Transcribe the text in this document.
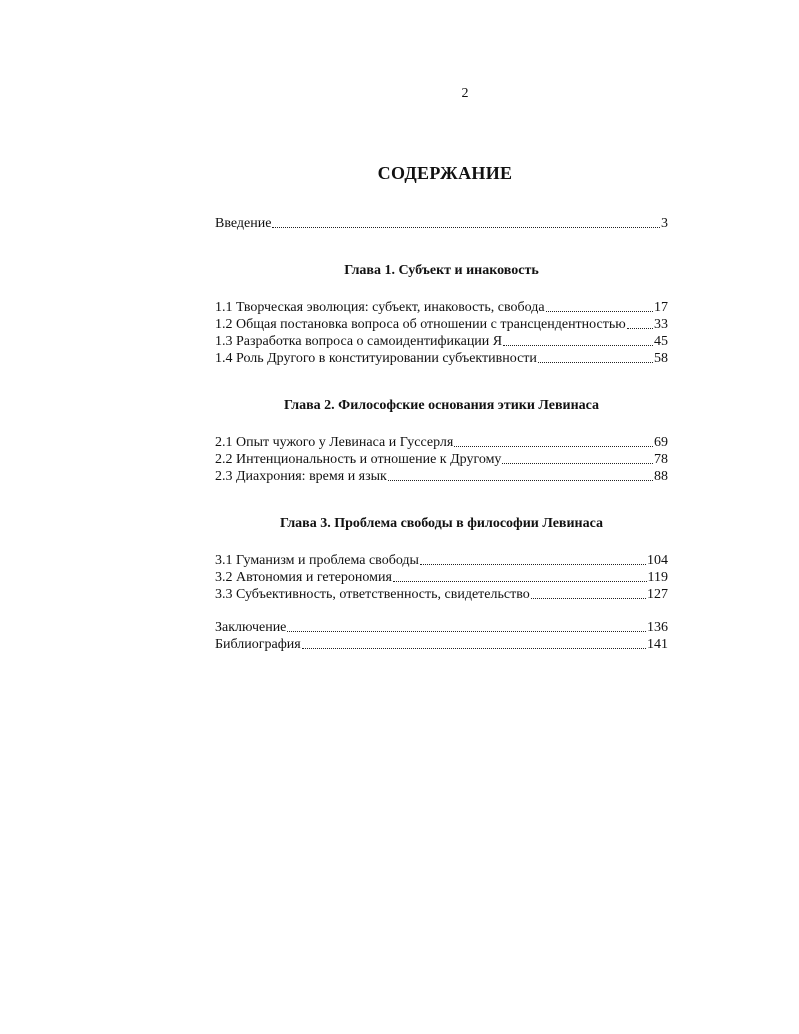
2
СОДЕРЖАНИЕ
Введение	3
Глава 1. Субъект и инаковость
1.1 Творческая эволюция: субъект, инаковость, свобода	17
1.2 Общая постановка вопроса об отношении с трансцендентностью 33
1.3 Разработка вопроса о самоидентификации Я	45
1.4 Роль Другого в конституировании субъективности	58
Глава 2. Философские основания этики Левинаса
2.1 Опыт чужого у Левинаса и Гуссерля	69
2.2 Интенциональность и отношение к Другому	78
2.3 Диахрония: время и язык	88
Глава 3. Проблема свободы в философии Левинаса
3.1 Гуманизм и проблема свободы	104
3.2 Автономия и гетерономия	119
3.3 Субъективность, ответственность, свидетельство	127
Заключение	136
Библиография	141
